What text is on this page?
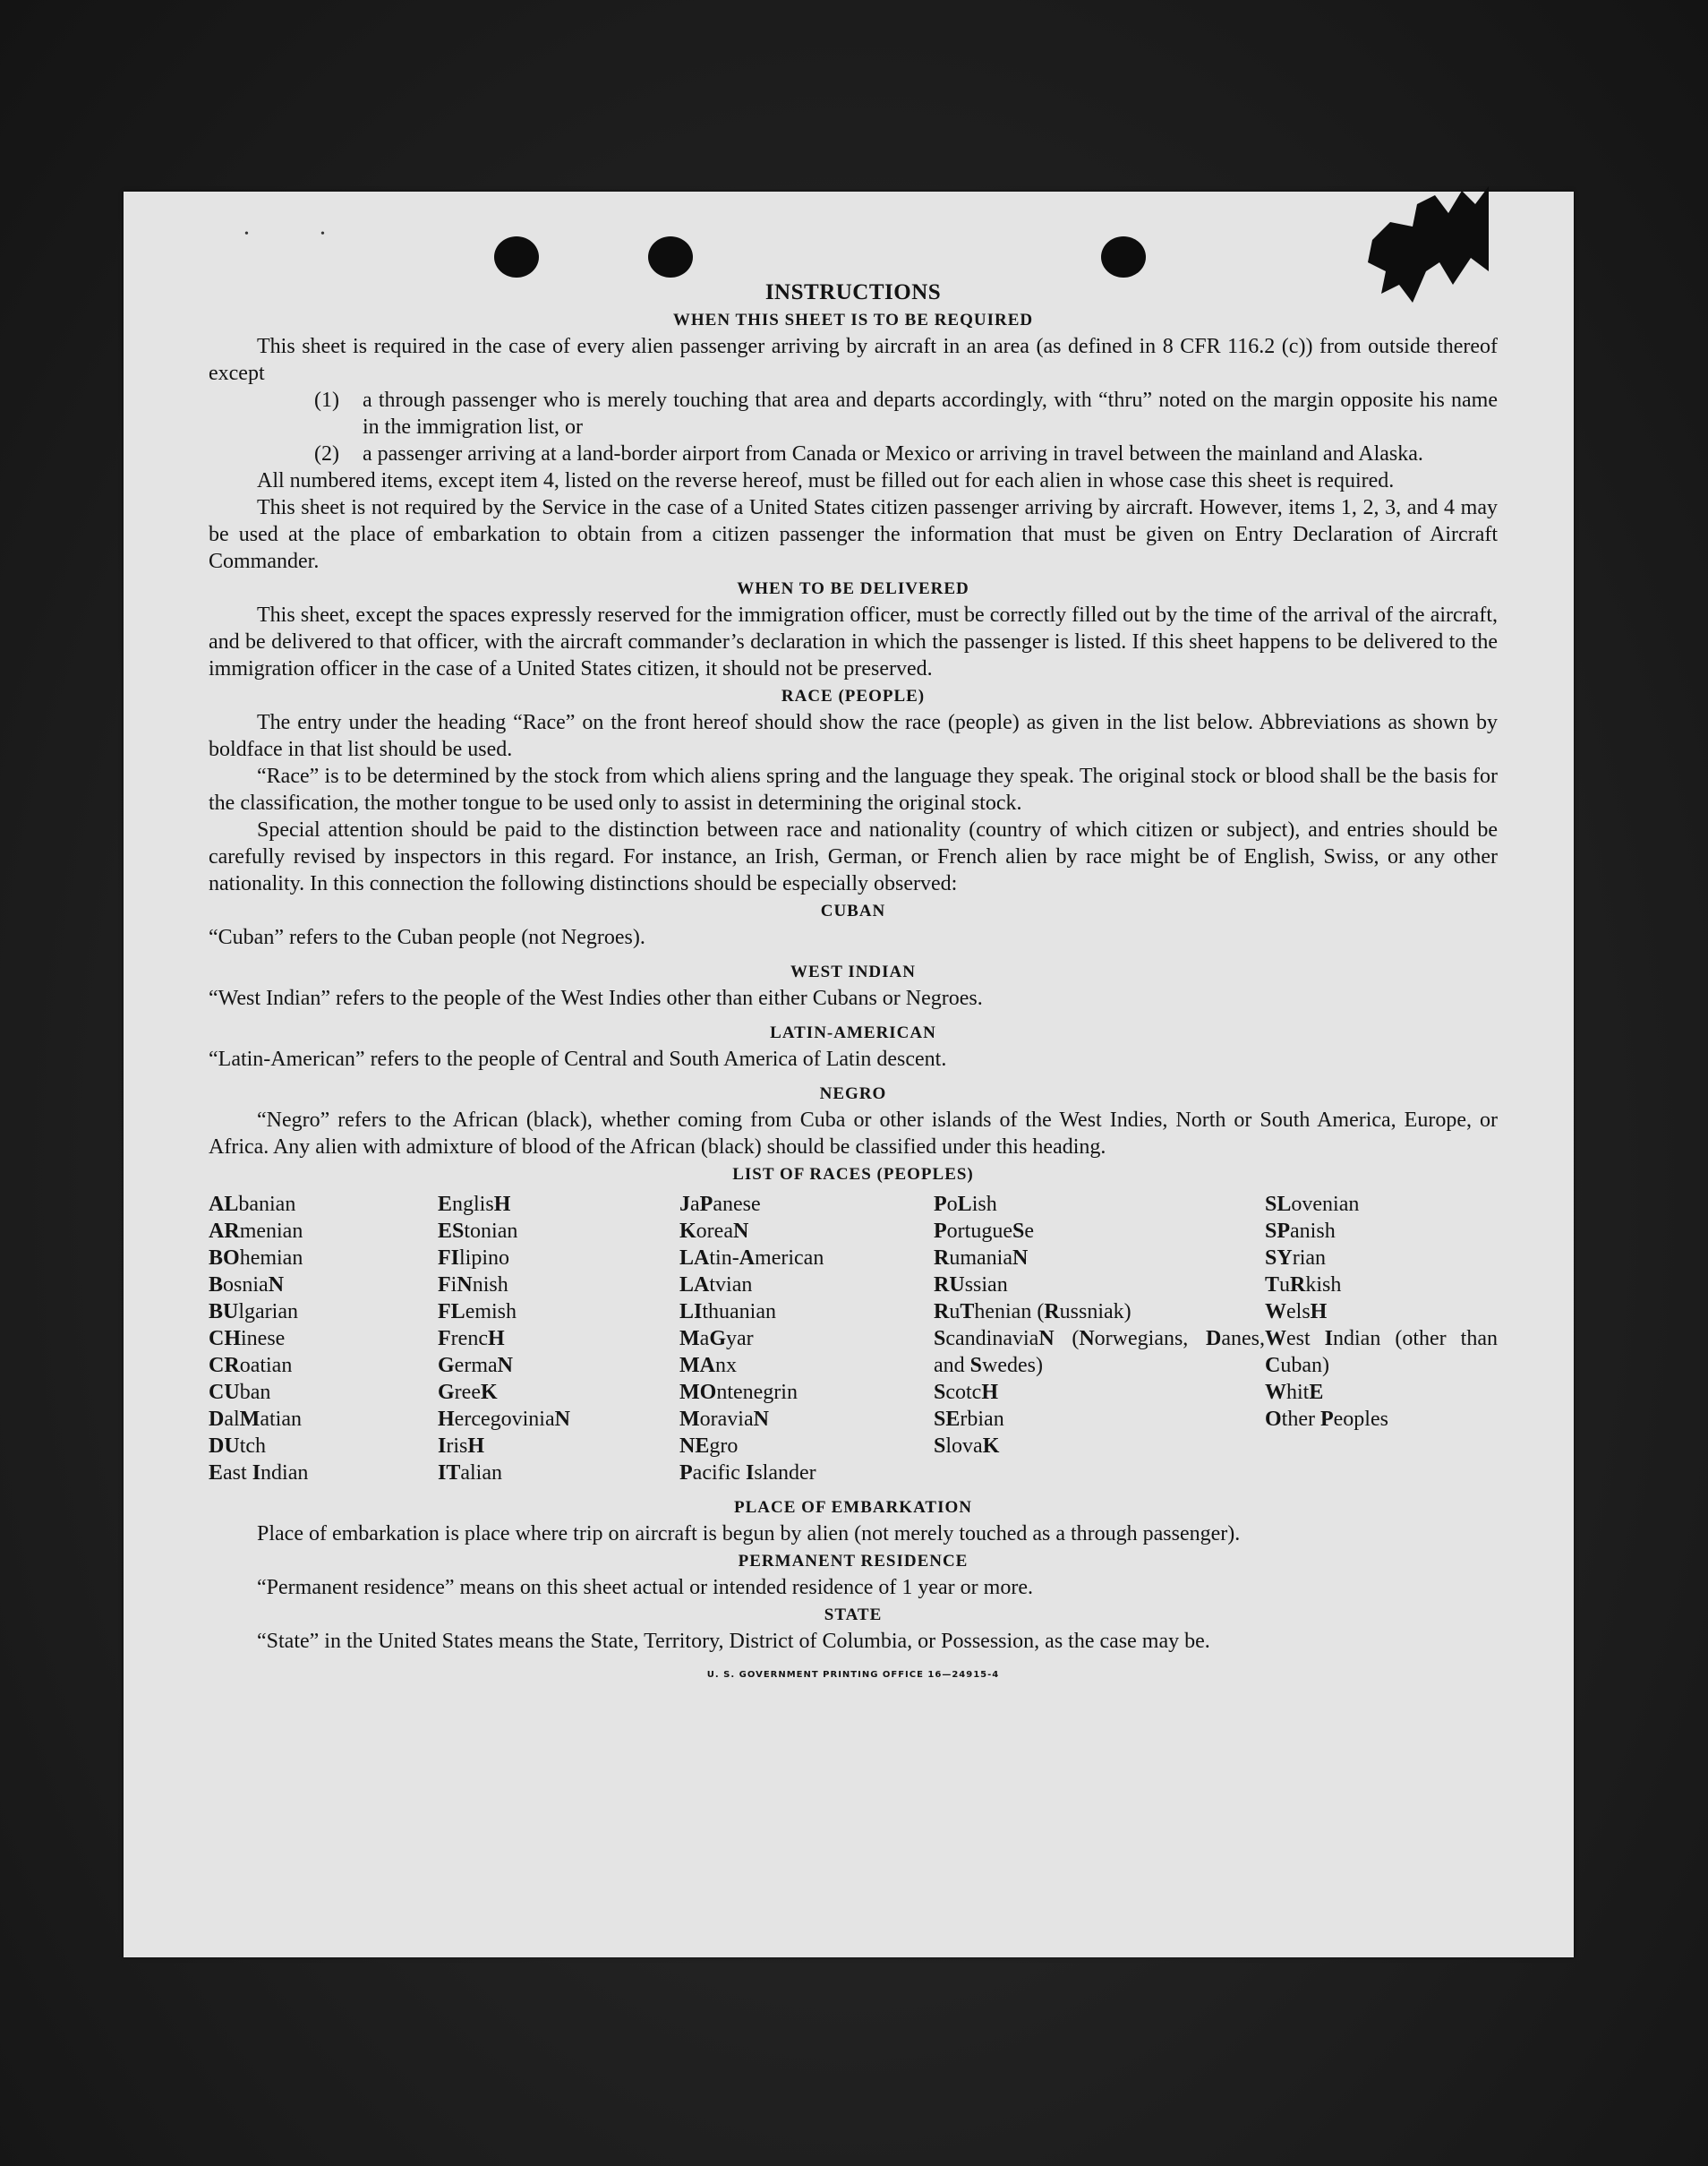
•	•
INSTRUCTIONS
WHEN THIS SHEET IS TO BE REQUIRED

This sheet is required in the case of every alien passenger arriving by aircraft in an area (as defined in 8 CFR 116.2 (c)) from outside thereof except

(1)	a through passenger who is merely touching that area and departs accordingly, with “thru” noted on the margin opposite his name in the immigration list, or
(2)	a passenger arriving at a land-border airport from Canada or Mexico or arriving in travel between the mainland and Alaska.

All numbered items, except item 4, listed on the reverse hereof, must be filled out for each alien in whose case this sheet is required.

This sheet is not required by the Service in the case of a United States citizen passenger arriving by aircraft. However, items 1, 2, 3, and 4 may be used at the place of embarkation to obtain from a citizen passenger the information that must be given on Entry Declaration of Aircraft Commander.

WHEN TO BE DELIVERED

This sheet, except the spaces expressly reserved for the immigration officer, must be correctly filled out by the time of the arrival of the aircraft, and be delivered to that officer, with the aircraft commander’s declaration in which the passenger is listed. If this sheet happens to be delivered to the immigration officer in the case of a United States citizen, it should not be preserved.

RACE (PEOPLE)

The entry under the heading “Race” on the front hereof should show the race (people) as given in the list below. Abbreviations as shown by boldface in that list should be used.

“Race” is to be determined by the stock from which aliens spring and the language they speak. The original stock or blood shall be the basis for the classification, the mother tongue to be used only to assist in determining the original stock.

Special attention should be paid to the distinction between race and nationality (country of which citizen or subject), and entries should be carefully revised by inspectors in this regard. For instance, an Irish, German, or French alien by race might be of English, Swiss, or any other nationality. In this connection the following distinctions should be especially observed:

CUBAN

“Cuban” refers to the Cuban people (not Negroes).

WEST INDIAN

“West Indian” refers to the people of the West Indies other than either Cubans or Negroes.

LATIN-AMERICAN

“Latin-American” refers to the people of Central and South America of Latin descent.

NEGRO

“Negro” refers to the African (black), whether coming from Cuba or other islands of the West Indies, North or South America, Europe, or Africa. Any alien with admixture of blood of the African (black) should be classified under this heading.

LIST OF RACES (PEOPLES)
ALbanian
ARmenian
BOhemian
BosniaN
BUlgarian
CHinese
CRoatian
CUban
DalMatian
DUtch
East Indian
EnglisH
EStonian
FIlipino
FiNnish
FLemish
FrencH
GermaN
GreeK
HercegoviniaN
IrisH
ITalian
JaPanese
KoreaN
LAtin-American
LAtvian
LIthuanian
MaGyar
MAnx
MOntenegrin
MoraviaN
NEgro
Pacific Islander
PoLish
PortugueSe
RumaniaN
RUssian
RuThenian (Russniak)
ScandinaviaN (Norwegians, Danes, and Swedes)
ScotcH
SErbian
SlovaK
SLovenian
SPanish
SYrian
TuRkish
WelsH
West Indian (other than Cuban)
WhitE
Other Peoples
PLACE OF EMBARKATION

Place of embarkation is place where trip on aircraft is begun by alien (not merely touched as a through passenger).

PERMANENT RESIDENCE

“Permanent residence” means on this sheet actual or intended residence of 1 year or more.

STATE

“State” in the United States means the State, Territory, District of Columbia, or Possession, as the case may be.

U. S. GOVERNMENT PRINTING OFFICE 16—24915-4
